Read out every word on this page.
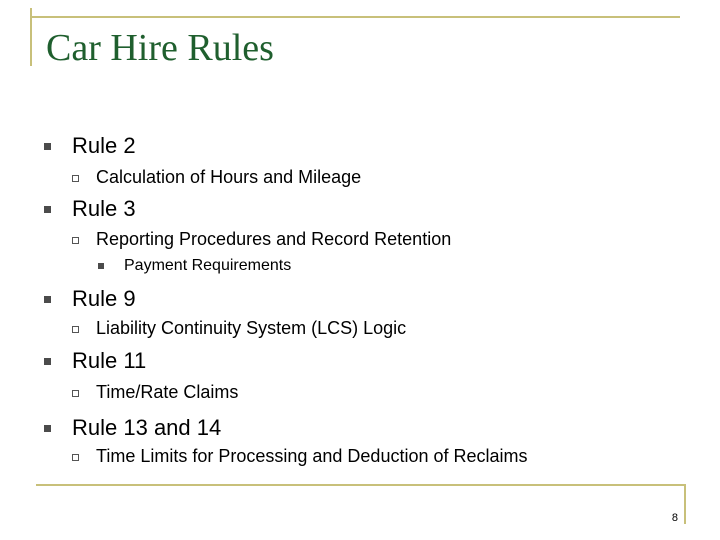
Car Hire Rules
Rule 2
Calculation of Hours and Mileage
Rule 3
Reporting Procedures and Record Retention
Payment Requirements
Rule 9
Liability Continuity System (LCS) Logic
Rule 11
Time/Rate Claims
Rule 13 and 14
Time Limits for Processing and Deduction of Reclaims
8
